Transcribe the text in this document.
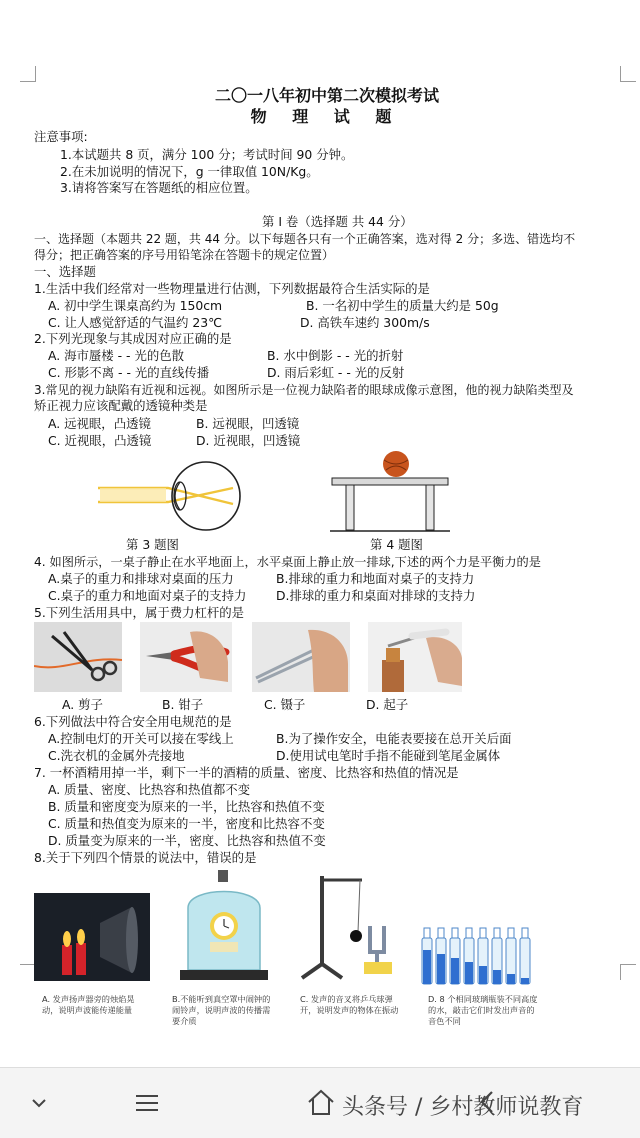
二〇一八年初中第二次模拟考试
物 理 试 题
注意事项:
1.本试题共 8 页，满分 100 分；考试时间 90 分钟。
2.在未加说明的情况下，g 一律取值 10N/Kg。
3.请将答案写在答题纸的相应位置。
第 I 卷（选择题 共 44 分）
一、选择题（本题共 22 题，共 44 分。以下每题各只有一个正确答案，选对得 2 分；多选、错选均不
得分；把正确答案的序号用铅笔涂在答题卡的规定位置）
一、选择题
1.生活中我们经常对一些物理量进行估测，下列数据最符合生活实际的是
A. 初中学生课桌高约为 150cm	B. 一名初中学生的质量大约是 50g
C. 让人感觉舒适的气温约 23℃	D. 高铁车速约 300m/s
2.下列光现象与其成因对应正确的是
A. 海市蜃楼 - - 光的色散	B. 水中倒影 - - 光的折射
C. 形影不离 - - 光的直线传播	D. 雨后彩虹 - - 光的反射
3.常见的视力缺陷有近视和远视。如图所示是一位视力缺陷者的眼球成像示意图，他的视力缺陷类型及
矫正视力应该配戴的透镜种类是
A. 远视眼，凸透镜	B. 远视眼，凹透镜
C. 近视眼，凸透镜	D. 近视眼，凹透镜
第 3 题图	第 4 题图
4. 如图所示，一桌子静止在水平地面上，水平桌面上静止放一排球,下述的两个力是平衡力的是
A.桌子的重力和排球对桌面的压力	B.排球的重力和地面对桌子的支持力
C.桌子的重力和地面对桌子的支持力 D.排球的重力和桌面对排球的支持力
5.下列生活用具中，属于费力杠杆的是
A. 剪子	B. 钳子	C. 镊子	D. 起子
6.下列做法中符合安全用电规范的是
A.控制电灯的开关可以接在零线上	B.为了操作安全，电能表要接在总开关后面
C.洗衣机的金属外壳接地	D.使用试电笔时手指不能碰到笔尾金属体
7. 一杯酒精用掉一半，剩下一半的酒精的质量、密度、比热容和热值的情况是
A. 质量、密度、比热容和热值都不变
B. 质量和密度变为原来的一半，比热容和热值不变
C. 质量和热值变为原来的一半，密度和比热容不变
D. 质量变为原来的一半，密度、比热容和热值不变
8.关于下列四个情景的说法中，错误的是
A. 发声扬声器旁的烛焰晃动，说明声波能传递能量
B.不能听到真空罩中闹钟的闹铃声，说明声波的传播需要介质
C. 发声的音叉将乒乓球弹开，说明发声的物体在振动
D. 8 个相同玻璃瓶装不同高度的水，敲击它们时发出声音的音色不同
头条号 / 乡村教师说教育
